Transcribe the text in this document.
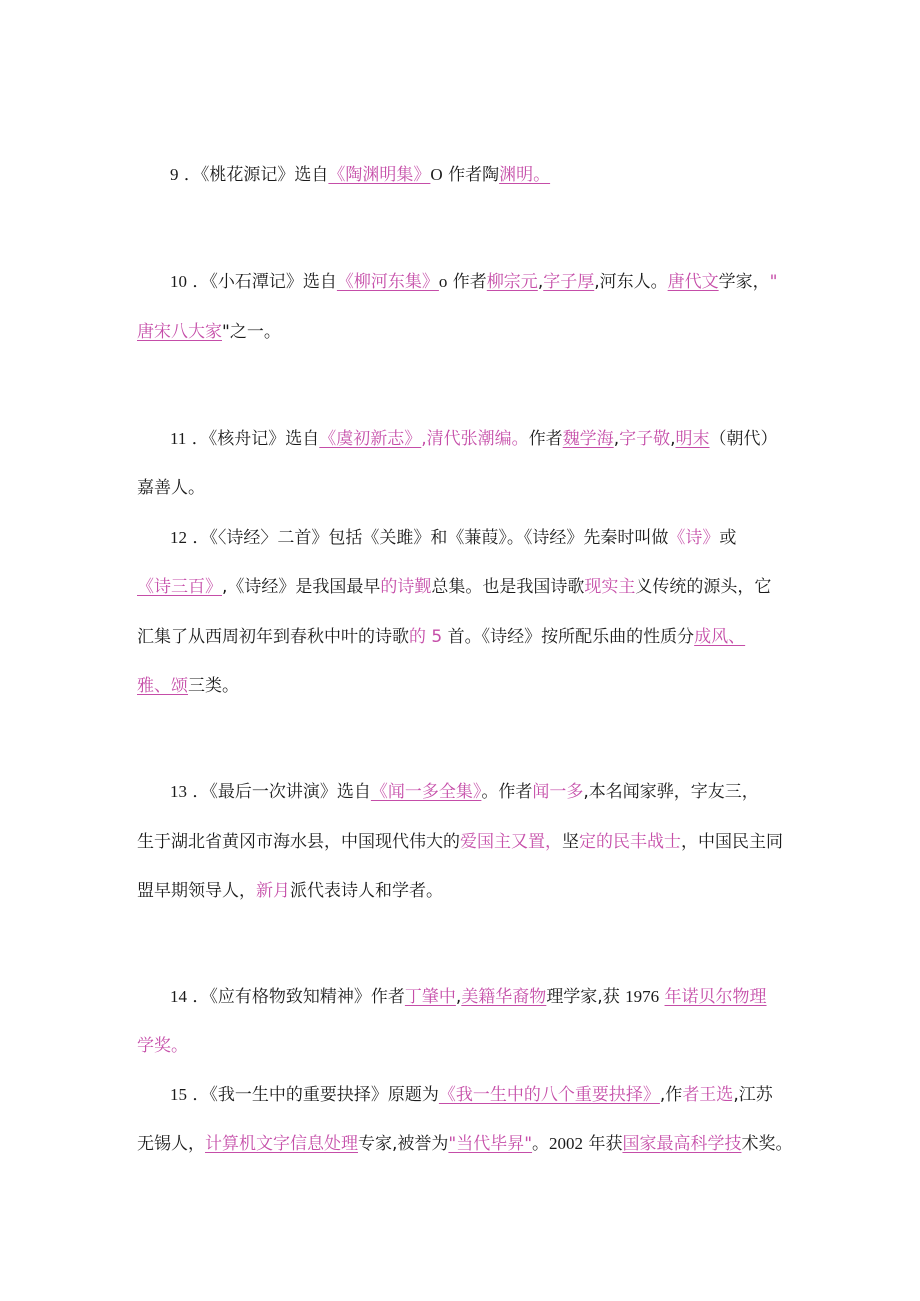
9 ．《桃花源记》选自《陶渊明集》O 作者陶渊明。
10 ．《小石潭记》选自《柳河东集》o 作者柳宗元,字子厚,河东人。唐代文学家，"
唐宋八大家"之一。
11 ．《核舟记》选自《虞初新志》,清代张潮编。作者魏学海,字子敬,明末（朝代）
嘉善人。
12 ．《〈诗经〉二首》包括《关雎》和《蒹葭》。《诗经》先秦时叫做《诗》或
《诗三百》,《诗经》是我国最早的诗觐总集。也是我国诗歌现实主义传统的源头，它
汇集了从西周初年到春秋中叶的诗歌的 5 首。《诗经》按所配乐曲的性质分成风、
雅、颂三类。
13 ．《最后一次讲演》选自《闻一多全集》。作者闻一多,本名闻家骅，字友三，
生于湖北省黄冈市海水县，中国现代伟大的爱国主又置，坚定的民丰战士，中国民主同
盟早期领导人，新月派代表诗人和学者。
14 ．《应有格物致知精神》作者丁肇中,美籍华裔物理学家,获 1976 年诺贝尔物理
学奖。
15 ．《我一生中的重要抉择》原题为《我一生中的八个重要抉择》,作者王选,江苏
无锡人，计算机文字信息处理专家,被誉为"当代毕昇"。2002 年获国家最高科学技术奖。
